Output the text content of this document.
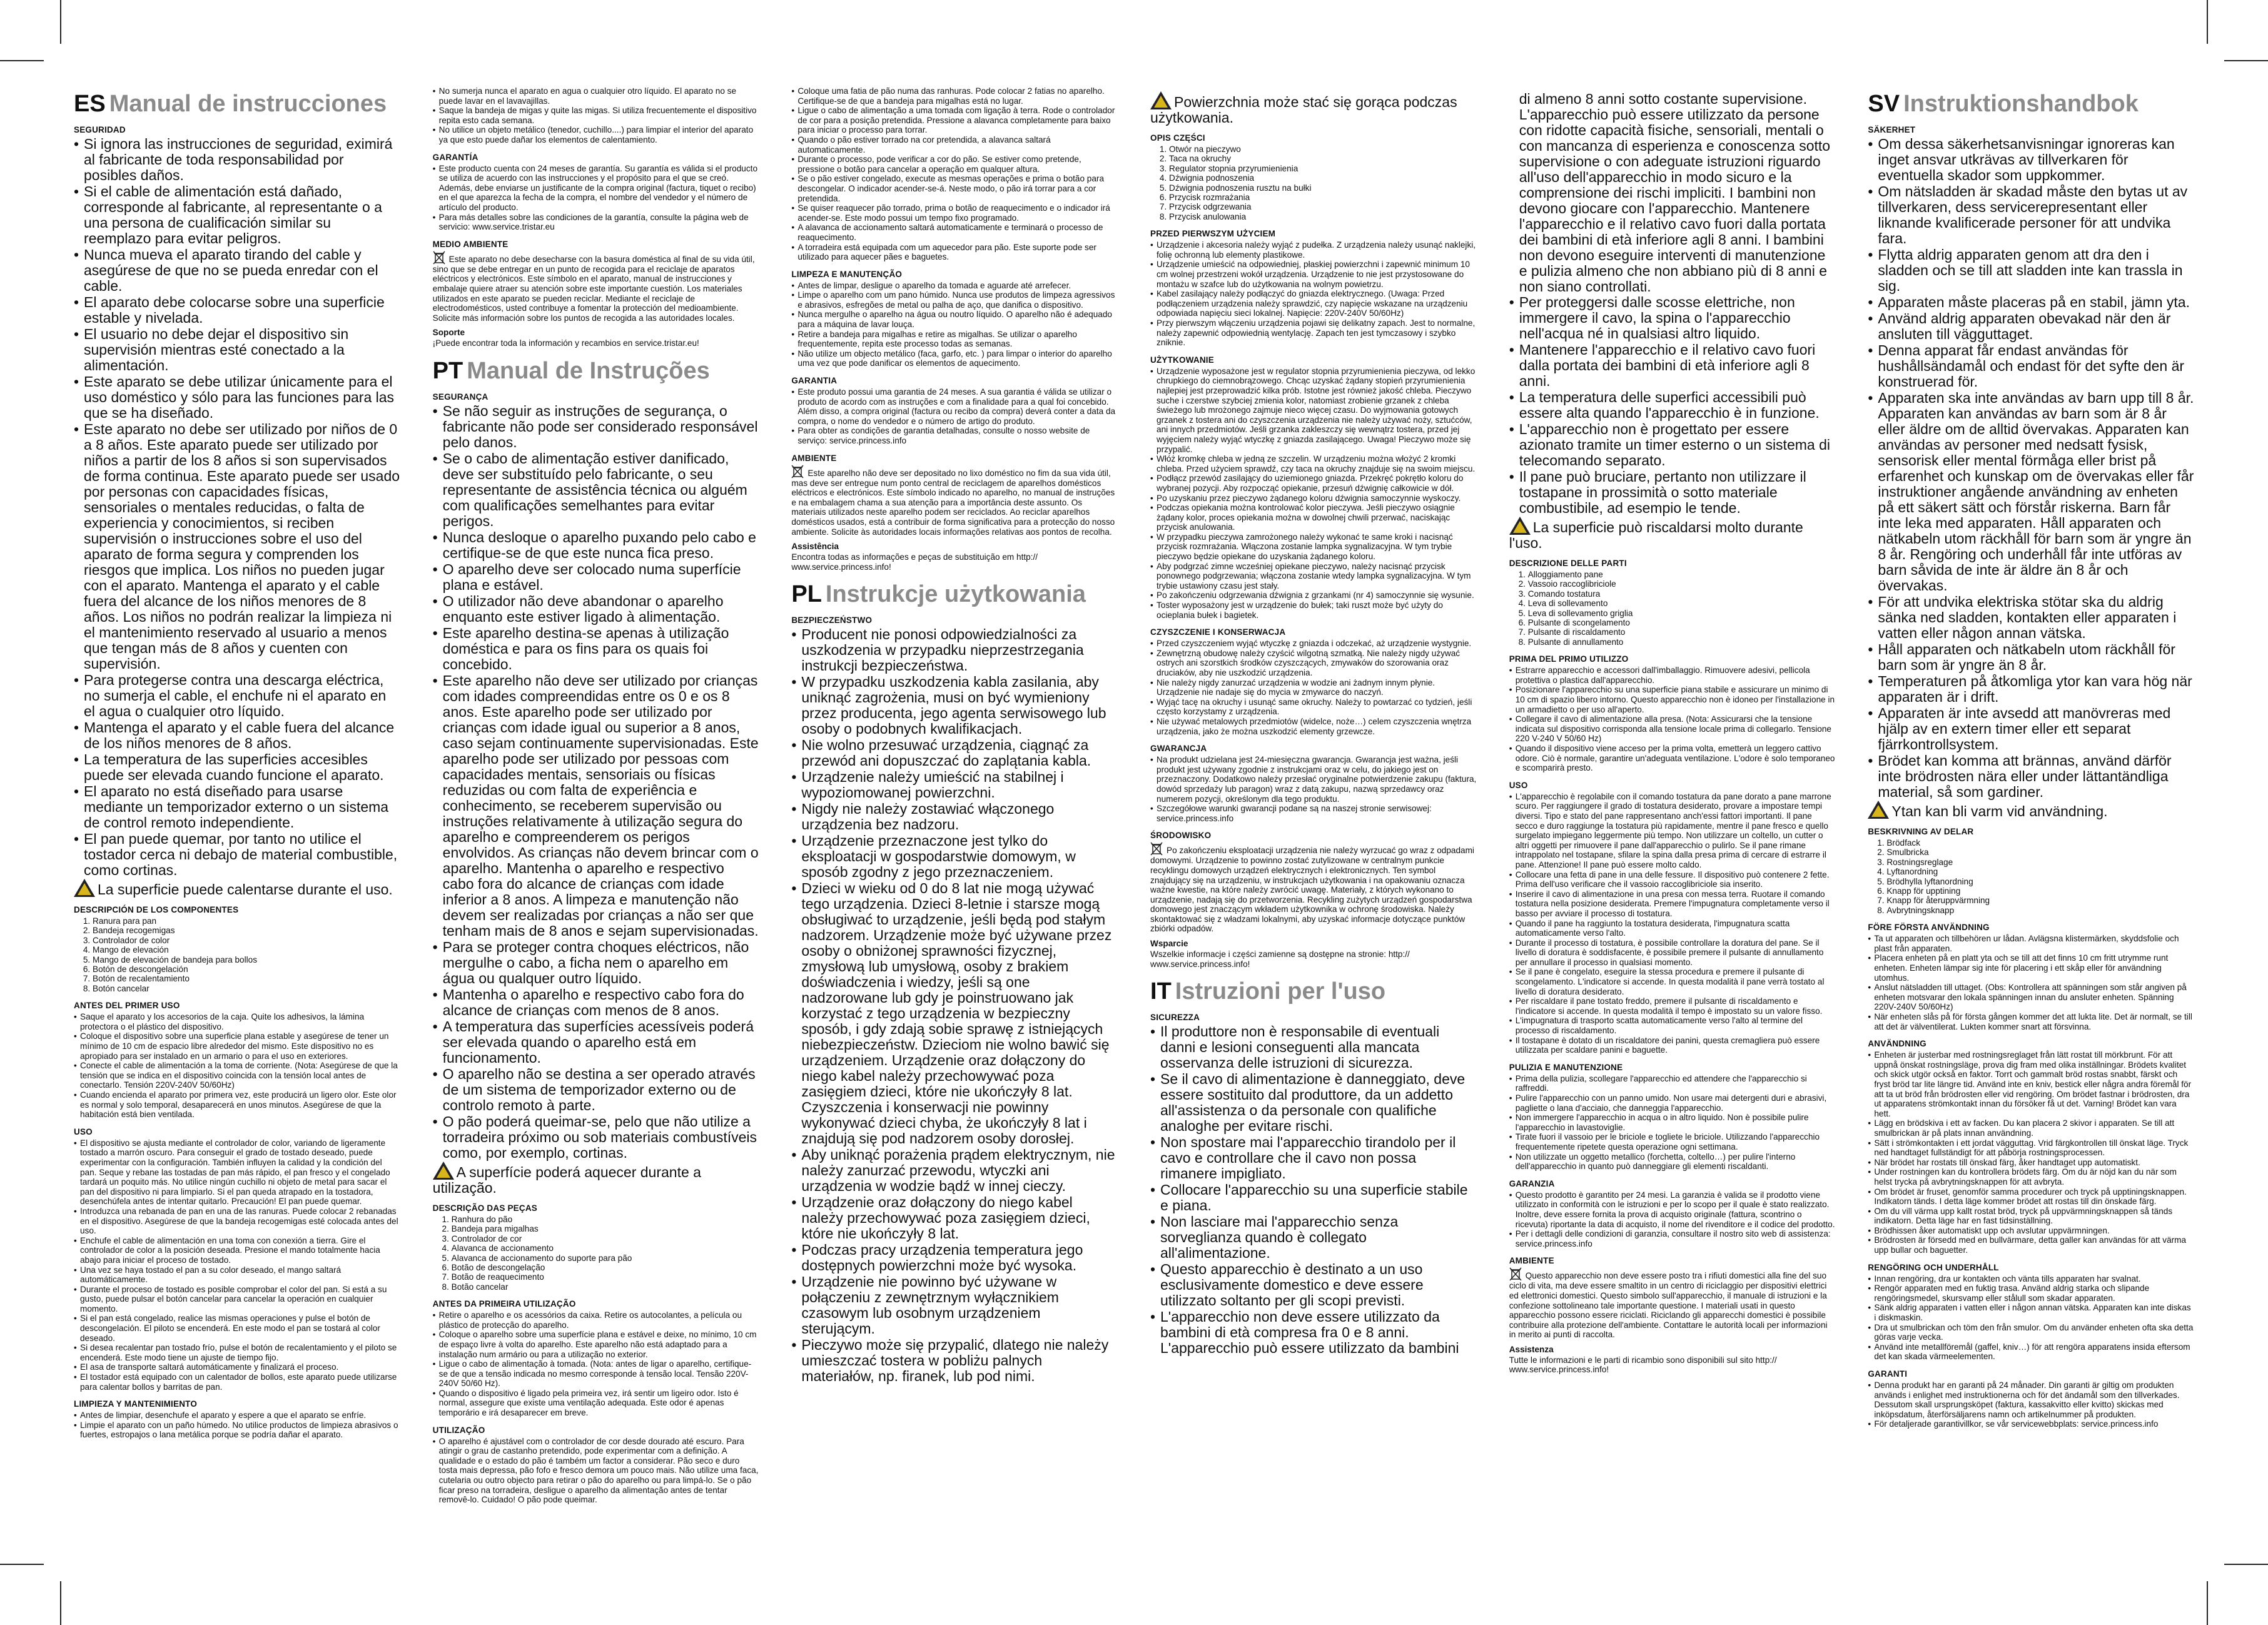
ES Manual de instrucciones
SEGURIDAD
• Si ignora las instrucciones de seguridad, eximirá al fabricante de toda responsabilidad por posibles daños.
• Si el cable de alimentación está dañado, corresponde al fabricante, al representante o a una persona de cualificación similar su reemplazo para evitar peligros.
• Nunca mueva el aparato tirando del cable y asegúrese de que no se pueda enredar con el cable.
• El aparato debe colocarse sobre una superficie estable y nivelada.
• El usuario no debe dejar el dispositivo sin supervisión mientras esté conectado a la alimentación.
• Este aparato se debe utilizar únicamente para el uso doméstico y sólo para las funciones para las que se ha diseñado.
• Este aparato no debe ser utilizado por niños de 0 a 8 años. Este aparato puede ser utilizado por niños a partir de los 8 años si son supervisados de forma continua. Este aparato puede ser usado por personas con capacidades físicas, sensoriales o mentales reducidas, o falta de experiencia y conocimientos, si reciben supervisión o instrucciones sobre el uso del aparato de forma segura y comprenden los riesgos que implica. Los niños no pueden jugar con el aparato. Mantenga el aparato y el cable fuera del alcance de los niños menores de 8 años. Los niños no podrán realizar la limpieza ni el mantenimiento reservado al usuario a menos que tengan más de 8 años y cuenten con supervisión.
• Para protegerse contra una descarga eléctrica, no sumerja el cable, el enchufe ni el aparato en el agua o cualquier otro líquido.
• Mantenga el aparato y el cable fuera del alcance de los niños menores de 8 años.
• La temperatura de las superficies accesibles puede ser elevada cuando funcione el aparato.
• El aparato no está diseñado para usarse mediante un temporizador externo o un sistema de control remoto independiente.
• El pan puede quemar, por tanto no utilice el tostador cerca ni debajo de material combustible, como cortinas.
La superficie puede calentarse durante el uso.
DESCRIPCIÓN DE LOS COMPONENTES
1. Ranura para pan
2. Bandeja recogemigas
3. Controlador de color
4. Mango de elevación
5. Mango de elevación de bandeja para bollos
6. Botón de descongelación
7. Botón de recalentamiento
8. Botón cancelar
ANTES DEL PRIMER USO
• Saque el aparato y los accesorios de la caja. Quite los adhesivos, la lámina protectora o el plástico del dispositivo.
• Coloque el dispositivo sobre una superficie plana estable y asegúrese de tener un mínimo de 10 cm de espacio libre alrededor del mismo. Este dispositivo no es apropiado para ser instalado en un armario o para el uso en exteriores.
• Conecte el cable de alimentación a la toma de corriente. (Nota: Asegúrese de que la tensión que se indica en el dispositivo coincida con la tensión local antes de conectarlo. Tensión 220V-240V 50/60Hz)
• Cuando encienda el aparato por primera vez, este producirá un ligero olor. Este olor es normal y solo temporal, desaparecerá en unos minutos. Asegúrese de que la habitación está bien ventilada.
USO
• El dispositivo se ajusta mediante el controlador de color, variando de ligeramente tostado a marrón oscuro. Para conseguir el grado de tostado deseado, puede experimentar con la configuración. También influyen la calidad y la condición del pan. Seque y rebane las tostadas de pan más rápido, el pan fresco y el congelado tardará un poquito más. No utilice ningún cuchillo ni objeto de metal para sacar el pan del dispositivo ni para limpiarlo. Si el pan queda atrapado en la tostadora, desenchúfela antes de intentar quitarlo. Precaución! El pan puede quemar.
• Introduzca una rebanada de pan en una de las ranuras. Puede colocar 2 rebanadas en el dispositivo. Asegúrese de que la bandeja recogemigas esté colocada antes del uso.
• Enchufe el cable de alimentación en una toma con conexión a tierra. Gire el controlador de color a la posición deseada. Presione el mando totalmente hacia abajo para iniciar el proceso de tostado.
• Una vez se haya tostado el pan a su color deseado, el mango saltará automáticamente.
• Durante el proceso de tostado es posible comprobar el color del pan. Si está a su gusto, puede pulsar el botón cancelar para cancelar la operación en cualquier momento.
• Si el pan está congelado, realice las mismas operaciones y pulse el botón de descongelación. El piloto se encenderá. En este modo el pan se tostará al color deseado.
• Si desea recalentar pan tostado frío, pulse el botón de recalentamiento y el piloto se encenderá. Este modo tiene un ajuste de tiempo fijo.
• El asa de transporte saltará automáticamente y finalizará el proceso.
• El tostador está equipado con un calentador de bollos, este aparato puede utilizarse para calentar bollos y barritas de pan.
LIMPIEZA Y MANTENIMIENTO
• Antes de limpiar, desenchufe el aparato y espere a que el aparato se enfríe.
• Limpie el aparato con un paño húmedo. No utilice productos de limpieza abrasivos o fuertes, estropajos o lana metálica porque se podría dañar el aparato.
• No sumerja nunca el aparato en agua o cualquier otro líquido. El aparato no se puede lavar en el lavavajillas.
• Saque la bandeja de migas y quite las migas. Si utiliza frecuentemente el dispositivo repita esto cada semana.
• No utilice un objeto metálico (tenedor, cuchillo....) para limpiar el interior del aparato ya que esto puede dañar los elementos de calentamiento.
GARANTÍA
• Este producto cuenta con 24 meses de garantía. Su garantía es válida si el producto se utiliza de acuerdo con las instrucciones y el propósito para el que se creó. Además, debe enviarse un justificante de la compra original (factura, tiquet o recibo) en el que aparezca la fecha de la compra, el nombre del vendedor y el número de artículo del producto.
• Para más detalles sobre las condiciones de la garantía, consulte la página web de servicio: www.service.tristar.eu
MEDIO AMBIENTE

Este aparato no debe desecharse con la basura doméstica al final de su vida útil, sino que se debe entregar en un punto de recogida para el reciclaje de aparatos eléctricos y electrónicos. Este símbolo en el aparato, manual de instrucciones y embalaje quiere atraer su atención sobre este importante cuestión. Los materiales utilizados en este aparato se pueden reciclar. Mediante el reciclaje de electrodomésticos, usted contribuye a fomentar la protección del medioambiente. Solicite más información sobre los puntos de recogida a las autoridades locales.

Soporte

¡Puede encontrar toda la información y recambios en service.tristar.eu!

PT Manual de Instruções
SEGURANÇA
• Se não seguir as instruções de segurança, o fabricante não pode ser considerado responsável pelo danos.
• Se o cabo de alimentação estiver danificado, deve ser substituído pelo fabricante, o seu representante de assistência técnica ou alguém com qualificações semelhantes para evitar perigos.
• Nunca desloque o aparelho puxando pelo cabo e certifique-se de que este nunca fica preso.
• O aparelho deve ser colocado numa superfície plana e estável.
• O utilizador não deve abandonar o aparelho enquanto este estiver ligado à alimentação.
• Este aparelho destina-se apenas à utilização doméstica e para os fins para os quais foi concebido.
• Este aparelho não deve ser utilizado por crianças com idades compreendidas entre os 0 e os 8 anos. Este aparelho pode ser utilizado por crianças com idade igual ou superior a 8 anos, caso sejam continuamente supervisionadas. Este aparelho pode ser utilizado por pessoas com capacidades mentais, sensoriais ou físicas reduzidas ou com falta de experiência e conhecimento, se receberem supervisão ou instruções relativamente à utilização segura do aparelho e compreenderem os perigos envolvidos. As crianças não devem brincar com o aparelho. Mantenha o aparelho e respectivo cabo fora do alcance de crianças com idade inferior a 8 anos. A limpeza e manutenção não devem ser realizadas por crianças a não ser que tenham mais de 8 anos e sejam supervisionadas.
• Para se proteger contra choques eléctricos, não mergulhe o cabo, a ficha nem o aparelho em água ou qualquer outro líquido.
• Mantenha o aparelho e respectivo cabo fora do alcance de crianças com menos de 8 anos.
• A temperatura das superfícies acessíveis poderá ser elevada quando o aparelho está em funcionamento.
• O aparelho não se destina a ser operado através de um sistema de temporizador externo ou de controlo remoto à parte.
• O pão poderá queimar-se, pelo que não utilize a torradeira próximo ou sob materiais combustíveis como, por exemplo, cortinas.
A superfície poderá aquecer durante a utilização.
DESCRIÇÃO DAS PEÇAS
1. Ranhura do pão
2. Bandeja para migalhas
3. Controlador de cor
4. Alavanca de accionamento
5. Alavanca de accionamento do suporte para pão
6. Botão de descongelação
7. Botão de reaquecimento
8. Botão cancelar
ANTES DA PRIMEIRA UTILIZAÇÃO
• Retire o aparelho e os acessórios da caixa. Retire os autocolantes, a película ou plástico de protecção do aparelho.
• Coloque o aparelho sobre uma superfície plana e estável e deixe, no mínimo, 10 cm de espaço livre à volta do aparelho. Este aparelho não está adaptado para a instalação num armário ou para a utilização no exterior.
• Ligue o cabo de alimentação à tomada. (Nota: antes de ligar o aparelho, certifique-se de que a tensão indicada no mesmo corresponde à tensão local. Tensão 220V-240V 50/60 Hz).
• Quando o dispositivo é ligado pela primeira vez, irá sentir um ligeiro odor. Isto é normal, assegure que existe uma ventilação adequada. Este odor é apenas temporário e irá desaparecer em breve.
UTILIZAÇÃO
• O aparelho é ajustável com o controlador de cor desde dourado até escuro. Para atingir o grau de castanho pretendido, pode experimentar com a definição. A qualidade e o estado do pão é também um factor a considerar. Pão seco e duro tosta mais depressa, pão fofo e fresco demora um pouco mais. Não utilize uma faca, cutelaria ou outro objecto para retirar o pão do aparelho ou para limpá-lo. Se o pão ficar preso na torradeira, desligue o aparelho da alimentação antes de tentar removê-lo. Cuidado! O pão pode queimar.
• Coloque uma fatia de pão numa das ranhuras. Pode colocar 2 fatias no aparelho. Certifique-se de que a bandeja para migalhas está no lugar.
• Ligue o cabo de alimentação a uma tomada com ligação à terra. Rode o controlador de cor para a posição pretendida. Pressione a alavanca completamente para baixo para iniciar o processo para torrar.
• Quando o pão estiver torrado na cor pretendida, a alavanca saltará automaticamente.
• Durante o processo, pode verificar a cor do pão. Se estiver como pretende, pressione o botão para cancelar a operação em qualquer altura.
• Se o pão estiver congelado, execute as mesmas operações e prima o botão para descongelar. O indicador acender-se-á. Neste modo, o pão irá torrar para a cor pretendida.
• Se quiser reaquecer pão torrado, prima o botão de reaquecimento e o indicador irá acender-se. Este modo possui um tempo fixo programado.
• A alavanca de accionamento saltará automaticamente e terminará o processo de reaquecimento.
• A torradeira está equipada com um aquecedor para pão. Este suporte pode ser utilizado para aquecer pães e baguetes.
LIMPEZA E MANUTENÇÃO
• Antes de limpar, desligue o aparelho da tomada e aguarde até arrefecer.
• Limpe o aparelho com um pano húmido. Nunca use produtos de limpeza agressivos e abrasivos, esfregões de metal ou palha de aço, que danifica o dispositivo.
• Nunca mergulhe o aparelho na água ou noutro líquido. O aparelho não é adequado para a máquina de lavar louça.
• Retire a bandeja para migalhas e retire as migalhas. Se utilizar o aparelho frequentemente, repita este processo todas as semanas.
• Não utilize um objecto metálico (faca, garfo, etc. ) para limpar o interior do aparelho uma vez que pode danificar os elementos de aquecimento.
GARANTIA
• Este produto possui uma garantia de 24 meses. A sua garantia é válida se utilizar o produto de acordo com as instruções e com a finalidade para a qual foi concebido. Além disso, a compra original (factura ou recibo da compra) deverá conter a data da compra, o nome do vendedor e o número de artigo do produto.
• Para obter as condições de garantia detalhadas, consulte o nosso website de serviço: service.princess.info
AMBIENTE

Este aparelho não deve ser depositado no lixo doméstico no fim da sua vida útil, mas deve ser entregue num ponto central de reciclagem de aparelhos domésticos eléctricos e electrónicos. Este símbolo indicado no aparelho, no manual de instruções e na embalagem chama a sua atenção para a importância deste assunto. Os materiais utilizados neste aparelho podem ser reciclados. Ao reciclar aparelhos domésticos usados, está a contribuir de forma significativa para a protecção do nosso ambiente. Solicite às autoridades locais informações relativas aos pontos de recolha.

Assistência

Encontra todas as informações e peças de substituição em http:// www.service.princess.info!

PL Instrukcje użytkowania
BEZPIECZEŃSTWO
• Producent nie ponosi odpowiedzialności za uszkodzenia w przypadku nieprzestrzegania instrukcji bezpieczeństwa.
• W przypadku uszkodzenia kabla zasilania, aby uniknąć zagrożenia, musi on być wymieniony przez producenta, jego agenta serwisowego lub osoby o podobnych kwalifikacjach.
• Nie wolno przesuwać urządzenia, ciągnąć za przewód ani dopuszczać do zaplątania kabla.
• Urządzenie należy umieścić na stabilnej i wypoziomowanej powierzchni.
• Nigdy nie należy zostawiać włączonego urządzenia bez nadzoru.
• Urządzenie przeznaczone jest tylko do eksploatacji w gospodarstwie domowym, w sposób zgodny z jego przeznaczeniem.
• Dzieci w wieku od 0 do 8 lat nie mogą używać tego urządzenia. Dzieci 8-letnie i starsze mogą obsługiwać to urządzenie, jeśli będą pod stałym nadzorem. Urządzenie może być używane przez osoby o obniżonej sprawności fizycznej, zmysłową lub umysłową, osoby z brakiem doświadczenia i wiedzy, jeśli są one nadzorowane lub gdy je poinstruowano jak korzystać z tego urządzenia w bezpieczny sposób, i gdy zdają sobie sprawę z istniejących niebezpieczeństw. Dzieciom nie wolno bawić się urządzeniem. Urządzenie oraz dołączony do niego kabel należy przechowywać poza zasięgiem dzieci, które nie ukończyły 8 lat. Czyszczenia i konserwacji nie powinny wykonywać dzieci chyba, że ukończyły 8 lat i znajdują się pod nadzorem osoby dorosłej.
• Aby uniknąć porażenia prądem elektrycznym, nie należy zanurzać przewodu, wtyczki ani urządzenia w wodzie bądź w innej cieczy.
• Urządzenie oraz dołączony do niego kabel należy przechowywać poza zasięgiem dzieci, które nie ukończyły 8 lat.
• Podczas pracy urządzenia temperatura jego dostępnych powierzchni może być wysoka.
• Urządzenie nie powinno być używane w połączeniu z zewnętrznym wyłącznikiem czasowym lub osobnym urządzeniem sterującym.
• Pieczywo może się przypalić, dlatego nie należy umieszczać tostera w pobliżu palnych materiałów, np. firanek, lub pod nimi.
Powierzchnia może stać się gorąca podczas użytkowania.
OPIS CZĘŚCI
1. Otwór na pieczywo
2. Taca na okruchy
3. Regulator stopnia przyrumienienia
4. Dźwignia podnoszenia
5. Dźwignia podnoszenia rusztu na bułki
6. Przycisk rozmrażania
7. Przycisk odgrzewania
8. Przycisk anulowania
PRZED PIERWSZYM UŻYCIEM
• Urządzenie i akcesoria należy wyjąć z pudełka. Z urządzenia należy usunąć naklejki, folię ochronną lub elementy plastikowe.
• Urządzenie umieścić na odpowiedniej, płaskiej powierzchni i zapewnić minimum 10 cm wolnej przestrzeni wokół urządzenia. Urządzenie to nie jest przystosowane do montażu w szafce lub do użytkowania na wolnym powietrzu.
• Kabel zasilający należy podłączyć do gniazda elektrycznego. (Uwaga: Przed podłączeniem urządzenia należy sprawdzić, czy napięcie wskazane na urządzeniu odpowiada napięciu sieci lokalnej. Napięcie: 220V-240V 50/60Hz)
• Przy pierwszym włączeniu urządzenia pojawi się delikatny zapach. Jest to normalne, należy zapewnić odpowiednią wentylację. Zapach ten jest tymczasowy i szybko zniknie.
UŻYTKOWANIE
• Urządzenie wyposażone jest w regulator stopnia przyrumienienia pieczywa, od lekko chrupkiego do ciemnobrązowego. Chcąc uzyskać żądany stopień przyrumienienia najlepiej jest przeprowadzić kilka prób. Istotne jest również jakość chleba. Pieczywo suche i czerstwe szybciej zmienia kolor, natomiast zrobienie grzanek z chleba świeżego lub mrożonego zajmuje nieco więcej czasu. Do wyjmowania gotowych grzanek z tostera ani do czyszczenia urządzenia nie należy używać noży, sztućców, ani innych przedmiotów. Jeśli grzanka zakleszczy się wewnątrz tostera, przed jej wyjęciem należy wyjąć wtyczkę z gniazda zasilającego. Uwaga! Pieczywo może się przypalić.
• Włóż kromkę chleba w jedną ze szczelin. W urządzeniu można włożyć 2 kromki chleba. Przed użyciem sprawdź, czy taca na okruchy znajduje się na swoim miejscu.
• Podłącz przewód zasilający do uziemionego gniazda. Przekręć pokrętło koloru do wybranej pozycji. Aby rozpocząć opiekanie, przesuń dźwignię całkowicie w dół.
• Po uzyskaniu przez pieczywo żądanego koloru dźwignia samoczynnie wyskoczy.
• Podczas opiekania można kontrolować kolor pieczywa. Jeśli pieczywo osiągnie żądany kolor, proces opiekania można w dowolnej chwili przerwać, naciskając przycisk anulowania.
• W przypadku pieczywa zamrożonego należy wykonać te same kroki i nacisnąć przycisk rozmrażania. Włączona zostanie lampka sygnalizacyjna. W tym trybie pieczywo będzie opiekane do uzyskania żądanego koloru.
• Aby podgrzać zimne wcześniej opiekane pieczywo, należy nacisnąć przycisk ponownego podgrzewania; włączona zostanie wtedy lampka sygnalizacyjna. W tym trybie ustawiony czasu jest stały.
• Po zakończeniu odgrzewania dźwignia z grzankami (nr 4) samoczynnie się wysunie.
• Toster wyposażony jest w urządzenie do bułek; taki ruszt może być użyty do ocieplania bułek i bagietek.
CZYSZCZENIE I KONSERWACJA
• Przed czyszczeniem wyjąć wtyczkę z gniazda i odczekać, aż urządzenie wystygnie.
• Zewnętrzną obudowę należy czyścić wilgotną szmatką. Nie należy nigdy używać ostrych ani szorstkich środków czyszczących, zmywaków do szorowania oraz druciaków, aby nie uszkodzić urządzenia.
• Nie należy nigdy zanurzać urządzenia w wodzie ani żadnym innym płynie. Urządzenie nie nadaje się do mycia w zmywarce do naczyń.
• Wyjąć tacę na okruchy i usunąć same okruchy. Należy to powtarzać co tydzień, jeśli często korzystamy z urządzenia.
• Nie używać metalowych przedmiotów (widelce, noże…) celem czyszczenia wnętrza urządzenia, jako że można uszkodzić elementy grzewcze.
GWARANCJA
• Na produkt udzielana jest 24-miesięczna gwarancja. Gwarancja jest ważna, jeśli produkt jest używany zgodnie z instrukcjami oraz w celu, do jakiego jest on przeznaczony. Dodatkowo należy przesłać oryginalne potwierdzenie zakupu (faktura, dowód sprzedaży lub paragon) wraz z datą zakupu, nazwą sprzedawcy oraz numerem pozycji, określonym dla tego produktu.
• Szczegółowe warunki gwarancji podane są na naszej stronie serwisowej: service.princess.info
ŚRODOWISKO

Po zakończeniu eksploatacji urządzenia nie należy wyrzucać go wraz z odpadami domowymi. Urządzenie to powinno zostać zutylizowane w centralnym punkcie recyklingu domowych urządzeń elektrycznych i elektronicznych. Ten symbol znajdujący się na urządzeniu, w instrukcjach użytkowania i na opakowaniu oznacza ważne kwestie, na które należy zwrócić uwagę. Materiały, z których wykonano to urządzenie, nadają się do przetworzenia. Recykling zużytych urządzeń gospodarstwa domowego jest znaczącym wkładem użytkownika w ochronę środowiska. Należy skontaktować się z władzami lokalnymi, aby uzyskać informacje dotyczące punktów zbiórki odpadów.

Wsparcie

Wszelkie informacje i części zamienne są dostępne na stronie: http:// www.service.princess.info!

IT Istruzioni per l'uso
SICUREZZA
• Il produttore non è responsabile di eventuali danni e lesioni conseguenti alla mancata osservanza delle istruzioni di sicurezza.
• Se il cavo di alimentazione è danneggiato, deve essere sostituito dal produttore, da un addetto all'assistenza o da personale con qualifiche analoghe per evitare rischi.
• Non spostare mai l'apparecchio tirandolo per il cavo e controllare che il cavo non possa rimanere impigliato.
• Collocare l'apparecchio su una superficie stabile e piana.
• Non lasciare mai l'apparecchio senza sorveglianza quando è collegato all'alimentazione.
• Questo apparecchio è destinato a un uso esclusivamente domestico e deve essere utilizzato soltanto per gli scopi previsti.
• L'apparecchio non deve essere utilizzato da bambini di età compresa fra 0 e 8 anni. L'apparecchio può essere utilizzato da bambini

di almeno 8 anni sotto costante supervisione. L'apparecchio può essere utilizzato da persone con ridotte capacità fisiche, sensoriali, mentali o con mancanza di esperienza e conoscenza sotto supervisione o con adeguate istruzioni riguardo all'uso dell'apparecchio in modo sicuro e la comprensione dei rischi impliciti. I bambini non devono giocare con l'apparecchio. Mantenere l'apparecchio e il relativo cavo fuori dalla portata dei bambini di età inferiore agli 8 anni. I bambini non devono eseguire interventi di manutenzione e pulizia almeno che non abbiano più di 8 anni e non siano controllati.

• Per proteggersi dalle scosse elettriche, non immergere il cavo, la spina o l'apparecchio nell'acqua né in qualsiasi altro liquido.
• Mantenere l'apparecchio e il relativo cavo fuori dalla portata dei bambini di età inferiore agli 8 anni.
• La temperatura delle superfici accessibili può essere alta quando l'apparecchio è in funzione.
• L'apparecchio non è progettato per essere azionato tramite un timer esterno o un sistema di telecomando separato.
• Il pane può bruciare, pertanto non utilizzare il tostapane in prossimità o sotto materiale combustibile, ad esempio le tende.
La superficie può riscaldarsi molto durante l'uso.
DESCRIZIONE DELLE PARTI
1. Alloggiamento pane
2. Vassoio raccoglibriciole
3. Comando tostatura
4. Leva di sollevamento
5. Leva di sollevamento griglia
6. Pulsante di scongelamento
7. Pulsante di riscaldamento
8. Pulsante di annullamento
PRIMA DEL PRIMO UTILIZZO
• Estrarre apparecchio e accessori dall'imballaggio. Rimuovere adesivi, pellicola protettiva o plastica dall'apparecchio.
• Posizionare l'apparecchio su una superficie piana stabile e assicurare un minimo di 10 cm di spazio libero intorno. Questo apparecchio non è idoneo per l'installazione in un armadietto o per uso all'aperto.
• Collegare il cavo di alimentazione alla presa. (Nota: Assicurarsi che la tensione indicata sul dispositivo corrisponda alla tensione locale prima di collegarlo. Tensione 220 V-240 V 50/60 Hz)
• Quando il dispositivo viene acceso per la prima volta, emetterà un leggero cattivo odore. Ciò è normale, garantire un'adeguata ventilazione. L'odore è solo temporaneo e scomparirà presto.
USO
• L'apparecchio è regolabile con il comando tostatura da pane dorato a pane marrone scuro. Per raggiungere il grado di tostatura desiderato, provare a impostare tempi diversi. Tipo e stato del pane rappresentano anch'essi fattori importanti. Il pane secco e duro raggiunge la tostatura più rapidamente, mentre il pane fresco e quello surgelato impiegano leggermente più tempo. Non utilizzare un coltello, un cutter o altri oggetti per rimuovere il pane dall'apparecchio o pulirlo. Se il pane rimane intrappolato nel tostapane, sfilare la spina dalla presa prima di cercare di estrarre il pane. Attenzione! Il pane può essere molto caldo.
• Collocare una fetta di pane in una delle fessure. Il dispositivo può contenere 2 fette. Prima dell'uso verificare che il vassoio raccoglibriciole sia inserito.
• Inserire il cavo di alimentazione in una presa con messa terra. Ruotare il comando tostatura nella posizione desiderata. Premere l'impugnatura completamente verso il basso per avviare il processo di tostatura.
• Quando il pane ha raggiunto la tostatura desiderata, l'impugnatura scatta automaticamente verso l'alto.
• Durante il processo di tostatura, è possibile controllare la doratura del pane. Se il livello di doratura è soddisfacente, è possibile premere il pulsante di annullamento per annullare il processo in qualsiasi momento.
• Se il pane è congelato, eseguire la stessa procedura e premere il pulsante di scongelamento. L'indicatore si accende. In questa modalità il pane verrà tostato al livello di doratura desiderato.
• Per riscaldare il pane tostato freddo, premere il pulsante di riscaldamento e l'indicatore si accende. In questa modalità il tempo è impostato su un valore fisso.
• L'impugnatura di trasporto scatta automaticamente verso l'alto al termine del processo di riscaldamento.
• Il tostapane è dotato di un riscaldatore dei panini, questa cremagliera può essere utilizzata per scaldare panini e baguette.
PULIZIA E MANUTENZIONE
• Prima della pulizia, scollegare l'apparecchio ed attendere che l'apparecchio si raffreddi.
• Pulire l'apparecchio con un panno umido. Non usare mai detergenti duri e abrasivi, pagliette o lana d'acciaio, che danneggia l'apparecchio.
• Non immergere l'apparecchio in acqua o in altro liquido. Non è possibile pulire l'apparecchio in lavastoviglie.
• Tirate fuori il vassoio per le briciole e togliete le briciole. Utilizzando l'apparecchio frequentemente ripetete questa operazione ogni settimana.
• Non utilizzate un oggetto metallico (forchetta, coltello…) per pulire l'interno dell'apparecchio in quanto può danneggiare gli elementi riscaldanti.
GARANZIA
• Questo prodotto è garantito per 24 mesi. La garanzia è valida se il prodotto viene utilizzato in conformità con le istruzioni e per lo scopo per il quale è stato realizzato. Inoltre, deve essere fornita la prova di acquisto originale (fattura, scontrino o ricevuta) riportante la data di acquisto, il nome del rivenditore e il codice del prodotto.
• Per i dettagli delle condizioni di garanzia, consultare il nostro sito web di assistenza: service.princess.info
AMBIENTE

Questo apparecchio non deve essere posto tra i rifiuti domestici alla fine del suo ciclo di vita, ma deve essere smaltito in un centro di riciclaggio per dispositivi elettrici ed elettronici domestici. Questo simbolo sull'apparecchio, il manuale di istruzioni e la confezione sottolineano tale importante questione. I materiali usati in questo apparecchio possono essere riciclati. Riciclando gli apparecchi domestici è possibile contribuire alla protezione dell'ambiente. Contattare le autorità locali per informazioni in merito ai punti di raccolta.

Assistenza

Tutte le informazioni e le parti di ricambio sono disponibili sul sito http:// www.service.princess.info!

SV Instruktionshandbok
SÄKERHET
• Om dessa säkerhetsanvisningar ignoreras kan inget ansvar utkrävas av tillverkaren för eventuella skador som uppkommer.
• Om nätsladden är skadad måste den bytas ut av tillverkaren, dess servicerepresentant eller liknande kvalificerade personer för att undvika fara.
• Flytta aldrig apparaten genom att dra den i sladden och se till att sladden inte kan trassla in sig.
• Apparaten måste placeras på en stabil, jämn yta.
• Använd aldrig apparaten obevakad när den är ansluten till vägguttaget.
• Denna apparat får endast användas för hushållsändamål och endast för det syfte den är konstruerad för.
• Apparaten ska inte användas av barn upp till 8 år. Apparaten kan användas av barn som är 8 år eller äldre om de alltid övervakas. Apparaten kan användas av personer med nedsatt fysisk, sensorisk eller mental förmåga eller brist på erfarenhet och kunskap om de övervakas eller får instruktioner angående användning av enheten på ett säkert sätt och förstår riskerna. Barn får inte leka med apparaten. Håll apparaten och nätkabeln utom räckhåll för barn som är yngre än 8 år. Rengöring och underhåll får inte utföras av barn såvida de inte är äldre än 8 år och övervakas.
• För att undvika elektriska stötar ska du aldrig sänka ned sladden, kontakten eller apparaten i vatten eller någon annan vätska.
• Håll apparaten och nätkabeln utom räckhåll för barn som är yngre än 8 år.
• Temperaturen på åtkomliga ytor kan vara hög när apparaten är i drift.
• Apparaten är inte avsedd att manövreras med hjälp av en extern timer eller ett separat fjärrkontrollsystem.
• Brödet kan komma att brännas, använd därför inte brödrosten nära eller under lättantändliga material, så som gardiner.
Ytan kan bli varm vid användning.
BESKRIVNING AV DELAR
1. Brödfack
2. Smulbricka
3. Rostningsreglage
4. Lyftanordning
5. Brödhylla lyftanordning
6. Knapp för upptining
7. Knapp för återuppvärmning
8. Avbrytningsknapp
FÖRE FÖRSTA ANVÄNDNING
• Ta ut apparaten och tillbehören ur lådan. Avlägsna klistermärken, skyddsfolie och plast från apparaten.
• Placera enheten på en platt yta och se till att det finns 10 cm fritt utrymme runt enheten. Enheten lämpar sig inte för placering i ett skåp eller för användning utomhus.
• Anslut nätsladden till uttaget. (Obs: Kontrollera att spänningen som står angiven på enheten motsvarar den lokala spänningen innan du ansluter enheten. Spänning 220V-240V 50/60Hz)
• När enheten slås på för första gången kommer det att lukta lite. Det är normalt, se till att det är välventilerat. Lukten kommer snart att försvinna.
ANVÄNDNING
• Enheten är justerbar med rostningsreglaget från lätt rostat till mörkbrunt. För att uppnå önskat rostningsläge, prova dig fram med olika inställningar. Brödets kvalitet och skick utgör också en faktor. Torrt och gammalt bröd rostas snabbt, färskt och fryst bröd tar lite längre tid. Använd inte en kniv, bestick eller några andra föremål för att ta ut bröd från brödrosten eller vid rengöring. Om brödet fastnar i brödrosten, dra ut apparatens strömkontakt innan du försöker få ut det. Varning! Brödet kan vara hett.
• Lägg en brödskiva i ett av facken. Du kan placera 2 skivor i apparaten. Se till att smulbrickan är på plats innan användning.
• Sätt i strömkontakten i ett jordat vägguttag. Vrid färgkontrollen till önskat läge. Tryck ned handtaget fullständigt för att påbörja rostningsprocessen.
• När brödet har rostats till önskad färg, åker handtaget upp automatiskt.
• Under rostningen kan du kontrollera brödets färg. Om du är nöjd kan du när som helst trycka på avbrytningsknappen för att avbryta.
• Om brödet är fruset, genomför samma procedurer och tryck på upptiningsknappen. Indikatorn tänds. I detta läge kommer brödet att rostas till din önskade färg.
• Om du vill värma upp kallt rostat bröd, tryck på uppvärmningsknappen så tänds indikatorn. Detta läge har en fast tidsinställning.
• Brödhissen åker automatiskt upp och avslutar uppvärmningen.
• Brödrosten är försedd med en bullvärmare, detta galler kan användas för att värma upp bullar och baguetter.
RENGÖRING OCH UNDERHÅLL
• Innan rengöring, dra ur kontakten och vänta tills apparaten har svalnat.
• Rengör apparaten med en fuktig trasa. Använd aldrig starka och slipande rengöringsmedel, skursvamp eller stålull som skadar apparaten.
• Sänk aldrig apparaten i vatten eller i någon annan vätska. Apparaten kan inte diskas i diskmaskin.
• Dra ut smulbrickan och töm den från smulor. Om du använder enheten ofta ska detta göras varje vecka.
• Använd inte metallföremål (gaffel, kniv…) för att rengöra apparatens insida eftersom det kan skada värmeelementen.
GARANTI
• Denna produkt har en garanti på 24 månader. Din garanti är giltig om produkten används i enlighet med instruktionerna och för det ändamål som den tillverkades. Dessutom skall ursprungsköpet (faktura, kassakvitto eller kvitto) skickas med inköpsdatum, återförsäljarens namn och artikelnummer på produkten.
• För detaljerade garantivillkor, se vår servicewebbplats: service.princess.info
